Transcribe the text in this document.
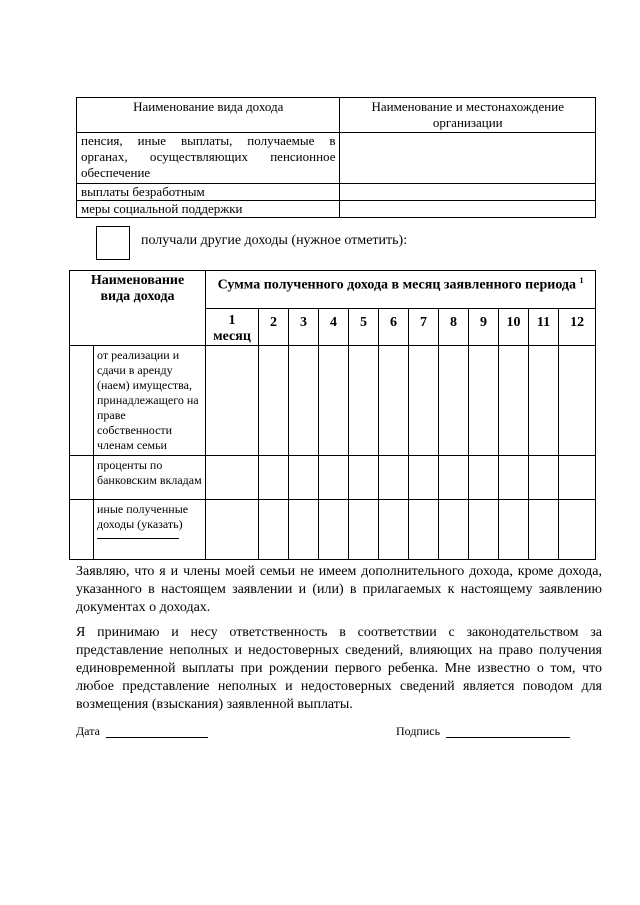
Наименование вида дохода	Наименование и местонахождение организации
пенсия, иные выплаты, получаемые в органах, осуществляющих пенсионное обеспечение	
выплаты безработным	
меры социальной поддержки	
получали другие доходы (нужное отметить):
Наименование вида дохода		Сумма полученного дохода в месяц заявленного периода $^1$
		1 месяц	2	3	4	5	6	7	8	9	10	11	12
	от реализации и сдачи в аренду (наем) имущества, принадлежащего на праве собственности членам семьи												
	проценты по банковским вкладам												
	иные полученные доходы (указать)

Заявляю, что я и члены моей семьи не имеем дополнительного дохода, кроме дохода, указанного в настоящем заявлении и (или) в прилагаемых к настоящему заявлению документах о доходах.
Я принимаю и несу ответственность в соответствии с законодательством за представление неполных и недостоверных сведений, влияющих на право получения единовременной выплаты при рождении первого ребенка. Мне известно о том, что любое представление неполных и недостоверных сведений является поводом для возмещения (взыскания) заявленной выплаты.
Дата	Подпись
